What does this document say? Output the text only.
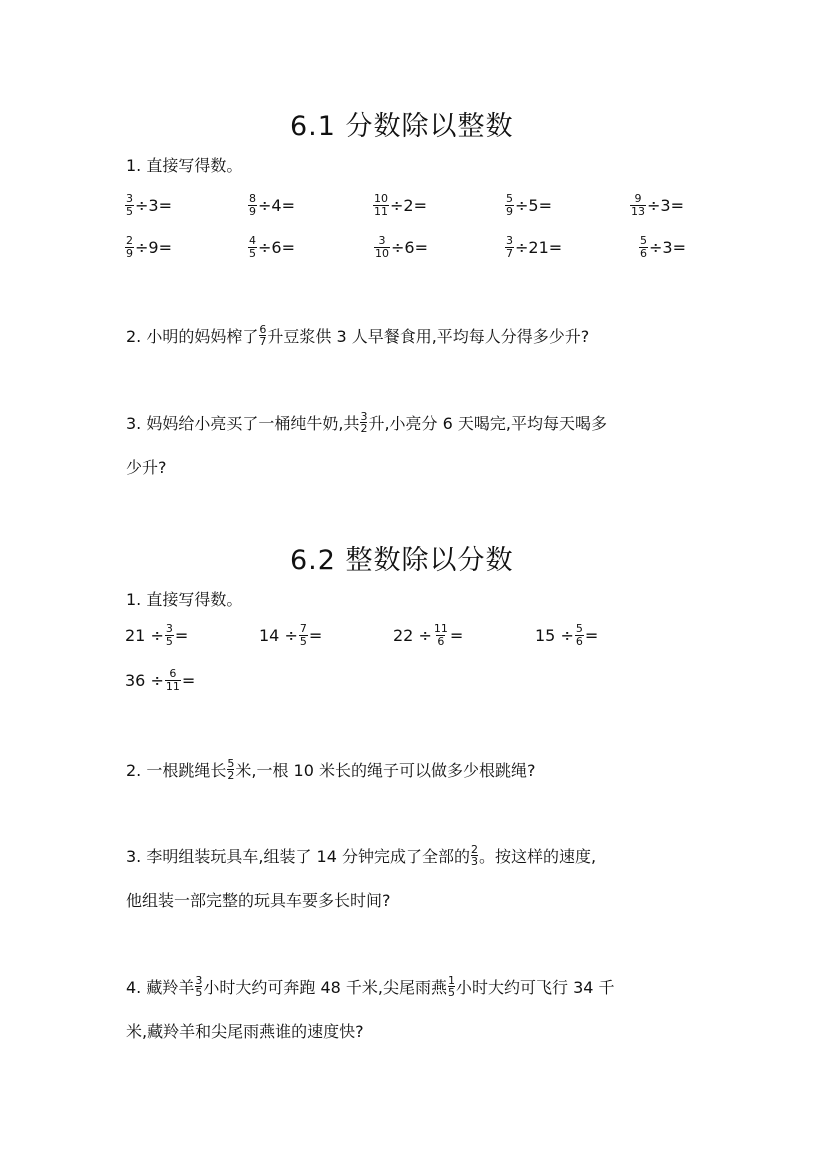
6.1 分数除以整数
1. 直接写得数。
$\frac{3}{5} \div 3=$	$\frac{8}{9} \div 4=$	$\frac{10}{11} \div 2=$	$\frac{5}{9} \div 5=$	$\frac{9}{13} \div 3=$
$\frac{2}{9} \div 9=$	$\frac{4}{5} \div 6=$	$\frac{3}{10} \div 6=$	$\frac{3}{7} \div 21=$	$\frac{5}{6} \div 3=$
2. 小明的妈妈榨了 $\frac{6}{7}$ 升豆浆供 3 人早餐食用,平均每人分得多少升?
3. 妈妈给小亮买了一桶纯牛奶,共 $\frac{3}{2}$ 升,小亮分 6 天喝完,平均每天喝多
少升?
6.2 整数除以分数
1. 直接写得数。
$21 \div \frac{3}{5}$ =	$14 \div \frac{7}{5}$ =	$22 \div \frac{11}{6}$ =	$15 \div \frac{5}{6}$ =
$36 \div \frac{6}{11}$ =
2. 一根跳绳长 $\frac{5}{2}$ 米,一根 10 米长的绳子可以做多少根跳绳?
3. 李明组装玩具车,组装了 14 分钟完成了全部的 $\frac{2}{3}$ 。按这样的速度,
他组装一部完整的玩具车要多长时间?
4. 藏羚羊 $\frac{3}{5}$ 小时大约可奔跑 48 千米,尖尾雨燕 $\frac{1}{5}$ 小时大约可飞行 34 千
米,藏羚羊和尖尾雨燕谁的速度快?
